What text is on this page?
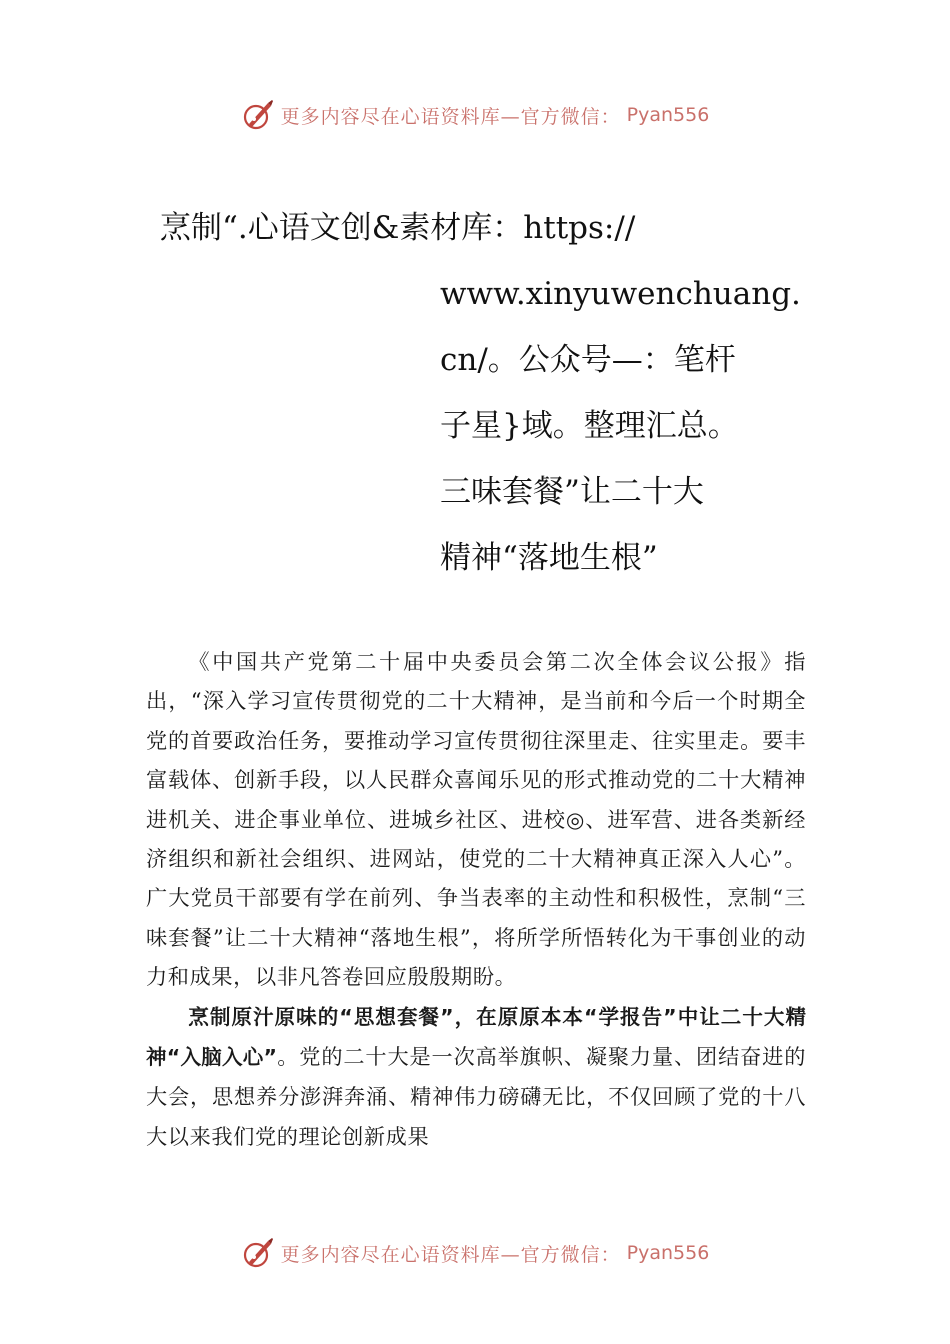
更多内容尽在心语资料库—官方微信： Pyan556
烹制“.心语文创&素材库：https://
www.xinyuwenchuang.
cn/。公众号—：笔杆
子星}域。整理汇总。
三味套餐”让二十大
精神“落地生根”

《中国共产党第二十届中央委员会第二次全体会议公报》指出，“深入学习宣传贯彻党的二十大精神，是当前和今后一个时期全党的首要政治任务，要推动学习宣传贯彻往深里走、往实里走。要丰富载体、创新手段，以人民群众喜闻乐见的形式推动党的二十大精神进机关、进企事业单位、进城乡社区、进校◎、进军营、进各类新经济组织和新社会组织、进网站，使党的二十大精神真正深入人心”。广大党员干部要有学在前列、争当表率的主动性和积极性，烹制“三味套餐”让二十大精神“落地生根”，将所学所悟转化为干事创业的动力和成果，以非凡答卷回应殷殷期盼。

烹制原汁原味的“思想套餐”，在原原本本“学报告”中让二十大精神“入脑入心”。党的二十大是一次高举旗帜、凝聚力量、团结奋进的大会，思想养分澎湃奔涌、精神伟力磅礴无比，不仅回顾了党的十八大以来我们党的理论创新成果

更多内容尽在心语资料库—官方微信： Pyan556
